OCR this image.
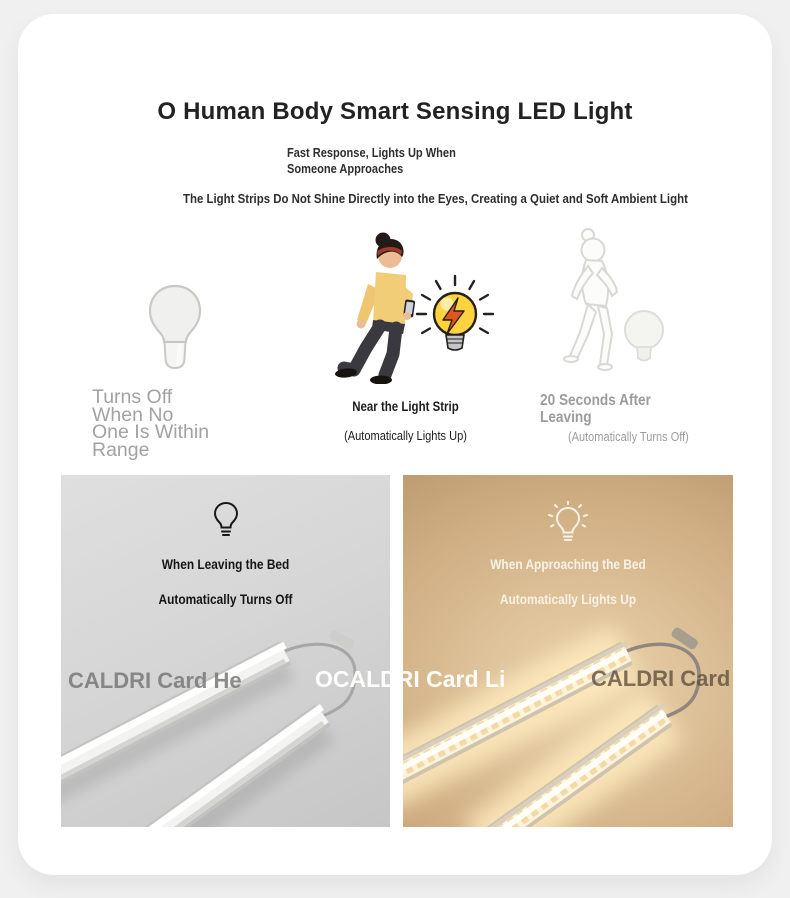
O Human Body Smart Sensing LED Light
Fast Response, Lights Up When
Someone Approaches
The Light Strips Do Not Shine Directly into the Eyes, Creating a Quiet and Soft Ambient Light
Turns Off When No One Is Within Range
Near the Light Strip
(Automatically Lights Up)
20 Seconds After Leaving
(Automatically Turns Off)
When Leaving the Bed
Automatically Turns Off
CALDRI Card He
When Approaching the Bed
Automatically Lights Up
CALDRI Card
OCALDRI Card Li
